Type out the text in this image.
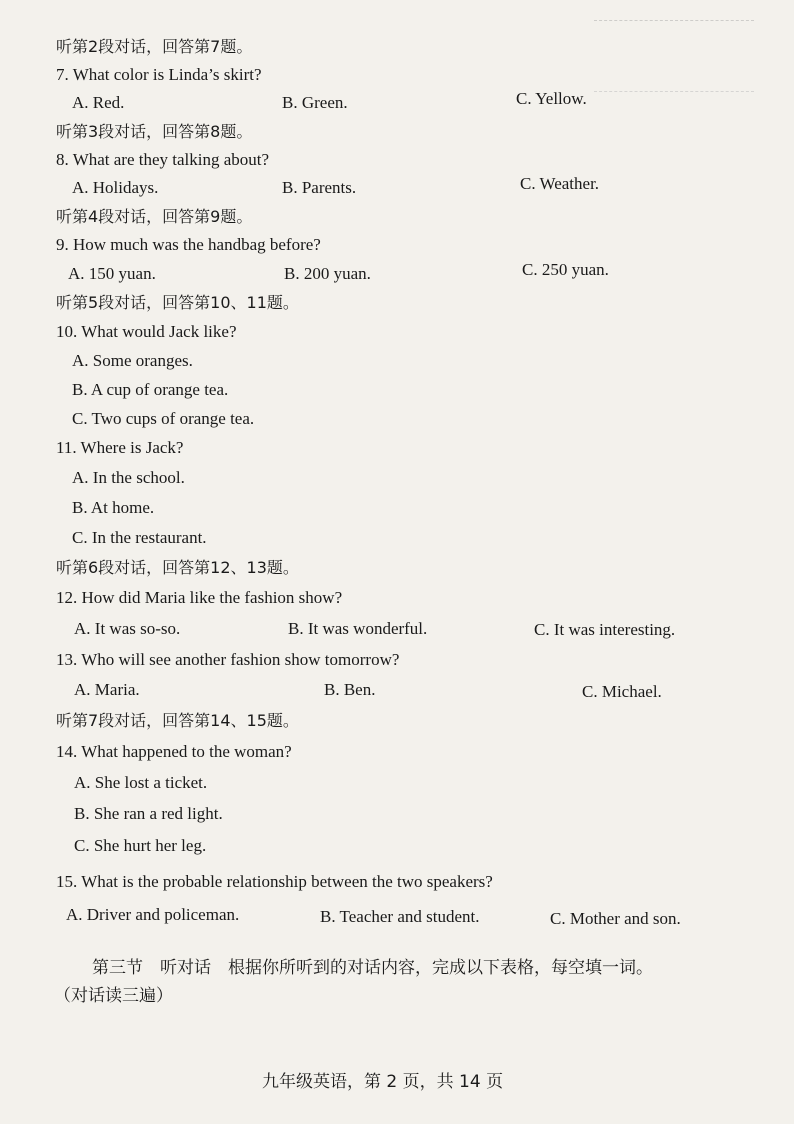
听第2段对话，回答第7题。
7. What color is Linda’s skirt?
A. Red.	B. Green.	C. Yellow.
听第3段对话，回答第8题。
8. What are they talking about?
A. Holidays.	B. Parents.	C. Weather.
听第4段对话，回答第9题。
9. How much was the handbag before?
A. 150 yuan.	B. 200 yuan.	C. 250 yuan.
听第5段对话，回答第10、11题。
10. What would Jack like?
A. Some oranges.
B. A cup of orange tea.
C. Two cups of orange tea.
11. Where is Jack?
A. In the school.
B. At home.
C. In the restaurant.
听第6段对话，回答第12、13题。
12. How did Maria like the fashion show?
A. It was so-so.	B. It was wonderful.	C. It was interesting.
13. Who will see another fashion show tomorrow?
A. Maria.	B. Ben.	C. Michael.
听第7段对话，回答第14、15题。
14. What happened to the woman?
A. She lost a ticket.
B. She ran a red light.
C. She hurt her leg.
15. What is the probable relationship between the two speakers?
A. Driver and policeman.	B. Teacher and student.	C. Mother and son.
第三节　听对话　根据你所听到的对话内容，完成以下表格，每空填一词。
（对话读三遍）
九年级英语，第 2 页，共 14 页
